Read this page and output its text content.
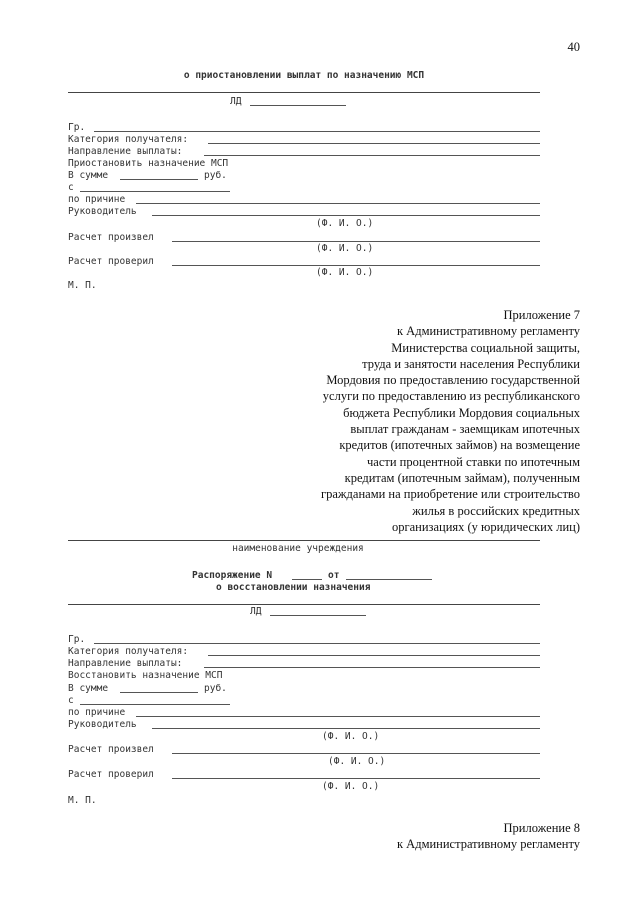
40
о приостановлении выплат по назначению МСП
ЛД
Гр.
Категория получателя:
Направление выплаты:
Приостановить назначение МСП
В сумме	руб.
с
по причине
Руководитель
(Ф. И. О.)
Расчет произвел
(Ф. И. О.)
Расчет проверил
(Ф. И. О.)
М. П.
Приложение 7
к Административному регламенту
Министерства социальной защиты,
труда и занятости населения Республики
Мордовия по предоставлению государственной
услуги по предоставлению из республиканского
бюджета Республики Мордовия социальных
выплат гражданам - заемщикам ипотечных
кредитов (ипотечных займов) на возмещение
части процентной ставки по ипотечным
кредитам (ипотечным займам), полученным
гражданами на приобретение или строительство
жилья в российских кредитных
организациях (у юридических лиц)
наименование учреждения
Распоряжение N	от
о восстановлении назначения
ЛД
Гр.
Категория получателя:
Направление выплаты:
Восстановить назначение МСП
В сумме	руб.
с
по причине
Руководитель
(Ф. И. О.)
Расчет произвел
(Ф. И. О.)
Расчет проверил
(Ф. И. О.)
М. П.
Приложение 8
к Административному регламенту
